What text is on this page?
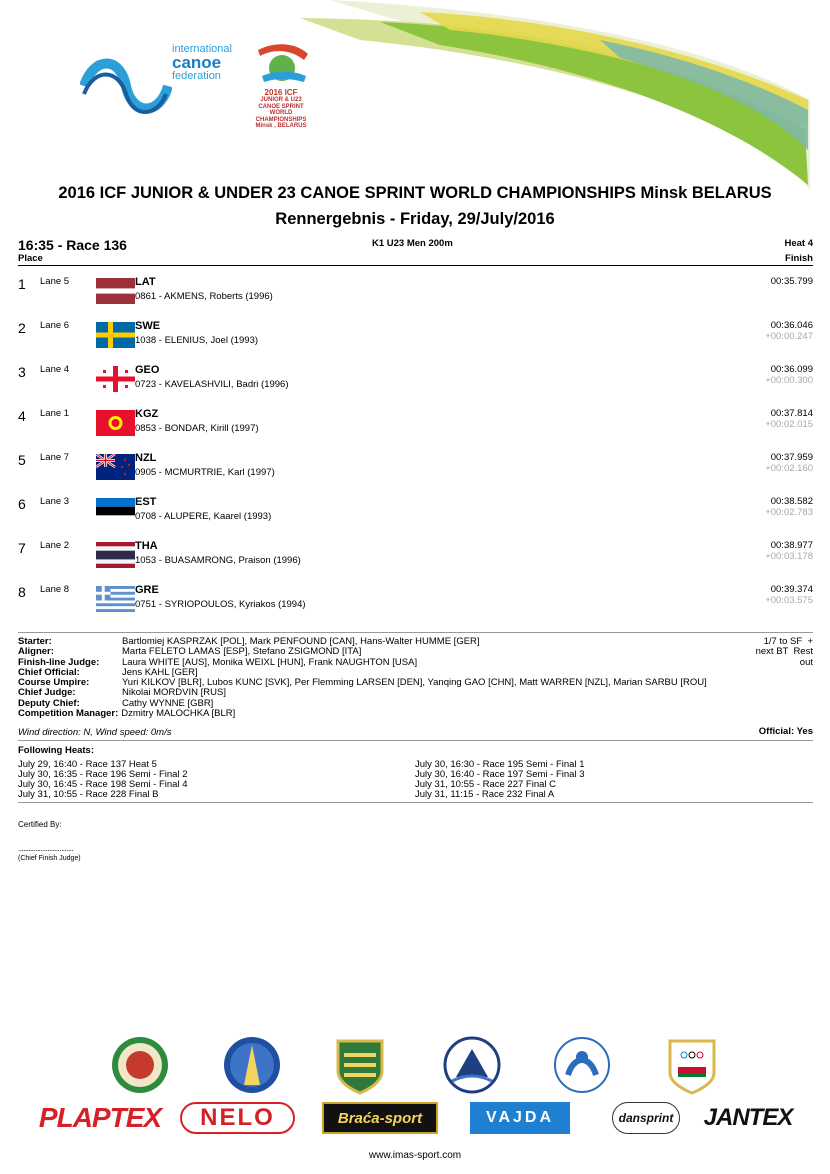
international
canoe
federation
2016 ICF
JUNIOR & U23
CANOE SPRINT
WORLD CHAMPIONSHIPS
Minsk , BELARUS
2016 ICF JUNIOR & UNDER 23 CANOE SPRINT WORLD CHAMPIONSHIPS Minsk BELARUS
Rennergebnis - Friday, 29/July/2016
16:35 - Race 136	K1 U23 Men 200m	Heat 4
Place	Finish
1 Lane 5	LAT
0861 - AKMENS, Roberts (1996)
00:35.799
2 Lane 6	SWE
1038 - ELENIUS, Joel (1993)
00:36.046
+00:00.247
3 Lane 4	GEO
0723 - KAVELASHVILI, Badri (1996)
00:36.099
+00:00.300
4 Lane 1	KGZ
0853 - BONDAR, Kirill (1997)
00:37.814
+00:02.015
5 Lane 7	NZL
0905 - MCMURTRIE, Karl (1997)
00:37.959
+00:02.160
6 Lane 3	EST
0708 - ALUPERE, Kaarel (1993)
00:38.582
+00:02.783
7 Lane 2	THA
1053 - BUASAMRONG, Praison (1996)
00:38.977
+00:03.178
8 Lane 8	GRE
0751 - SYRIOPOULOS, Kyriakos (1994)
00:39.374
+00:03.575
Starter:	Bartlomiej KASPRZAK [POL], Mark PENFOUND [CAN], Hans-Walter HUMME [GER]
Aligner:	Marta FELETO LAMAS [ESP], Stefano ZSIGMOND [ITA]
Finish-line Judge: Laura WHITE [AUS], Monika WEIXL [HUN], Frank NAUGHTON [USA]
Chief Official:	Jens KAHL [GER]
Course Umpire:	Yuri KILKOV [BLR], Lubos KUNC [SVK], Per Flemming LARSEN [DEN], Yanqing GAO [CHN], Matt WARREN [NZL], Marian SARBU [ROU]
Chief Judge:	Nikolai MORDVIN [RUS]
Deputy Chief:	Cathy WYNNE [GBR]
Competition Manager: Dzmitry MALOCHKA [BLR]
1/7 to SF  +
next BT  Rest
out
Wind direction: N, Wind speed: 0m/s	Official: Yes
Following Heats:
July 29, 16:40 - Race 137 Heat 5
July 30, 16:35 - Race 196 Semi - Final 2
July 30, 16:45 - Race 198 Semi - Final 4
July 31, 10:55 - Race 228 Final B
July 30, 16:30 - Race 195 Semi - Final 1
July 30, 16:40 - Race 197 Semi - Final 3
July 31, 10:55 - Race 227 Final C
July 31, 11:15 - Race 232 Final A
Certified By:
................................
(Chief Finish Judge)
PLAPTEX	NELO	Braća-sport	VAJDA	dansprint JANTEX
www.imas-sport.com
